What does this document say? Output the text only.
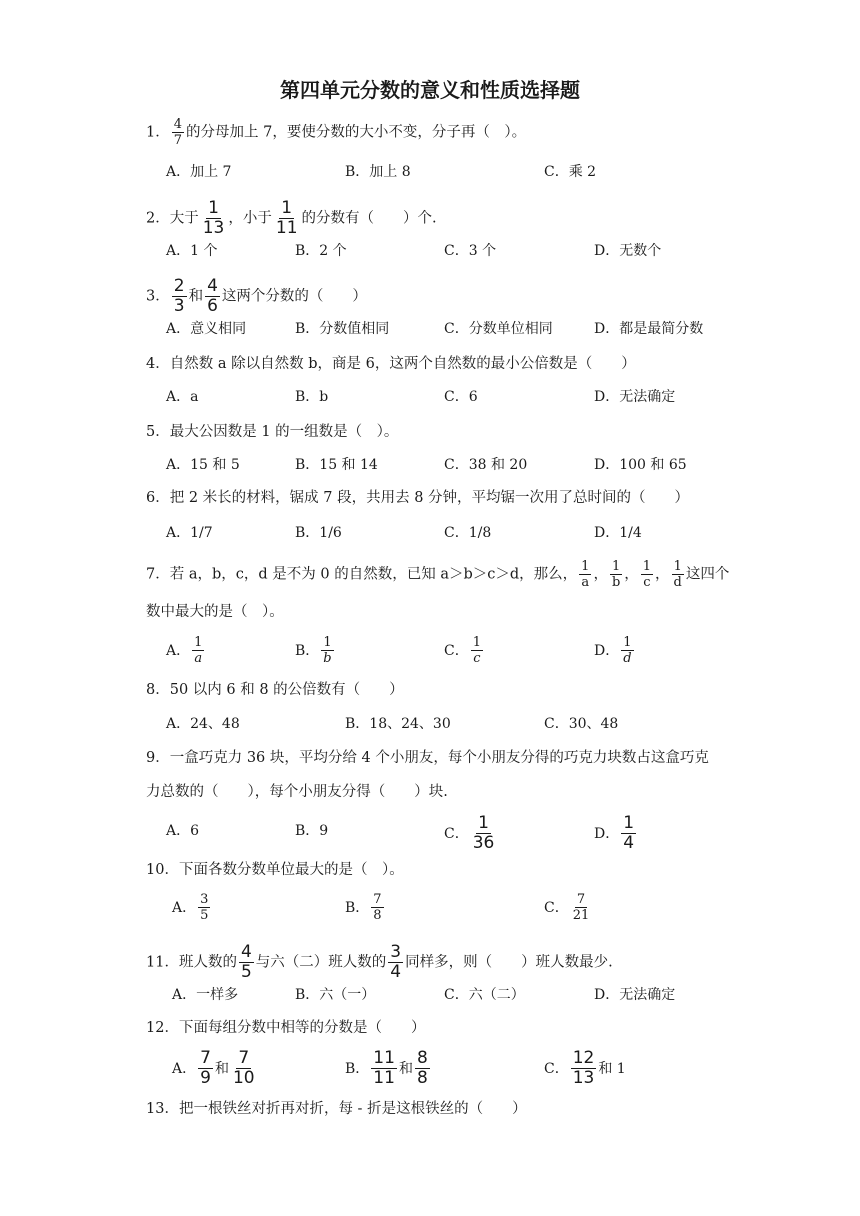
第四单元分数的意义和性质选择题
1． $\frac{4}{7}$ 的分母加上 7，要使分数的大小不变，分子再（　）。
A．加上 7	B．加上 8	C．乘 2
2．大于 $\frac{1}{13}$ ，小于 $\frac{1}{11}$ 的分数有（　　）个.
A．1 个	B．2 个	C．3 个	D．无数个
3． $\frac{2}{3}$ 和 $\frac{4}{6}$ 这两个分数的（　　）
A．意义相同	B．分数值相同	C．分数单位相同	D．都是最简分数
4．自然数 a 除以自然数 b，商是 6，这两个自然数的最小公倍数是（　　）
A．a	B．b	C．6	D．无法确定
5．最大公因数是 1 的一组数是（　）。
A．15 和 5	B．15 和 14	C．38 和 20	D．100 和 65
6．把 2 米长的材料，锯成 7 段，共用去 8 分钟，平均锯一次用了总时间的（　　）
A．1/7	B．1/6	C．1/8	D．1/4
7．若 a，b，c，d 是不为 0 的自然数，已知 a＞b＞c＞d，那么， $\frac{1}{a}$ ， $\frac{1}{b}$ ， $\frac{1}{c}$ ， $\frac{1}{d}$ 这四个
数中最大的是（　）。
A． $\frac{1}{a}$	B． $\frac{1}{b}$	C． $\frac{1}{c}$	D． $\frac{1}{d}$
8．50 以内 6 和 8 的公倍数有（　　）
A．24、48	B．18、24、30	C．30、48
9．一盒巧克力 36 块，平均分给 4 个小朋友，每个小朋友分得的巧克力块数占这盒巧克
力总数的（　　），每个小朋友分得（　　）块.
A．6	B．9	C． $\frac{1}{36}$	D． $\frac{1}{4}$
10．下面各数分数单位最大的是（　）。
A． $\frac{3}{5}$	B． $\frac{7}{8}$	C． $\frac{7}{21}$
11．班人数的 $\frac{4}{5}$ 与六（二）班人数的 $\frac{3}{4}$ 同样多，则（　　）班人数最少.
A．一样多	B．六（一）	C．六（二）	D．无法确定
12．下面每组分数中相等的分数是（　　）
A． $\frac{7}{9}$ 和 $\frac{7}{10}$	B． $\frac{11}{11}$ 和 $\frac{8}{8}$	C． $\frac{12}{13}$ 和 1
13．把一根铁丝对折再对折，每 - 折是这根铁丝的（　　）
